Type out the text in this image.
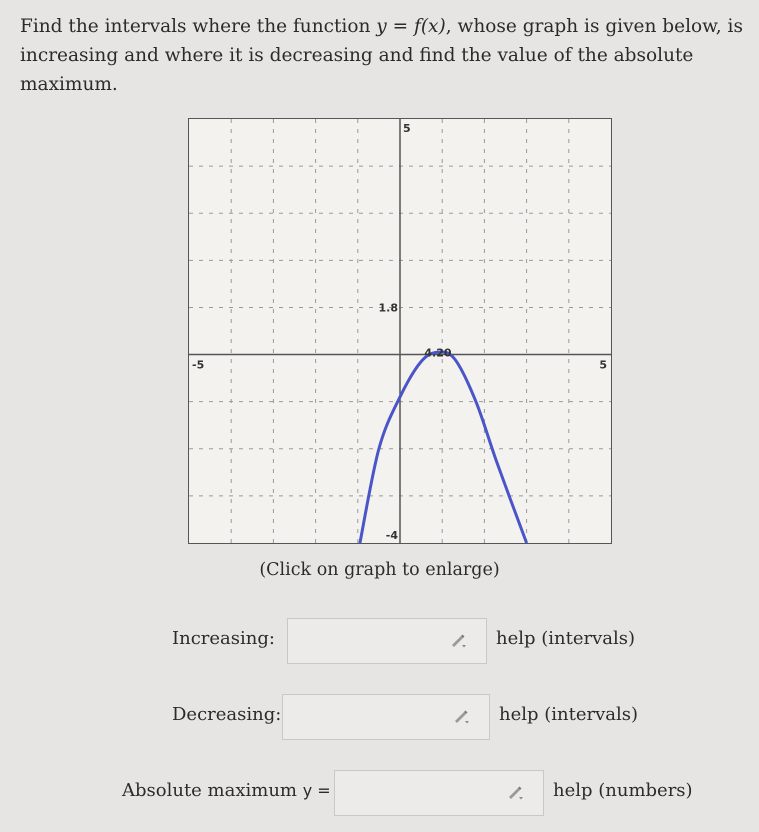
Find the intervals where the function y = f(x), whose graph is given below, is
increasing and where it is decreasing and find the value of the absolute maximum.
5
-5	5
1.8
-4
4.20
(Click on graph to enlarge)
Increasing:	help (intervals)
Decreasing:	help (intervals)
Absolute maximum y =	help (numbers)
